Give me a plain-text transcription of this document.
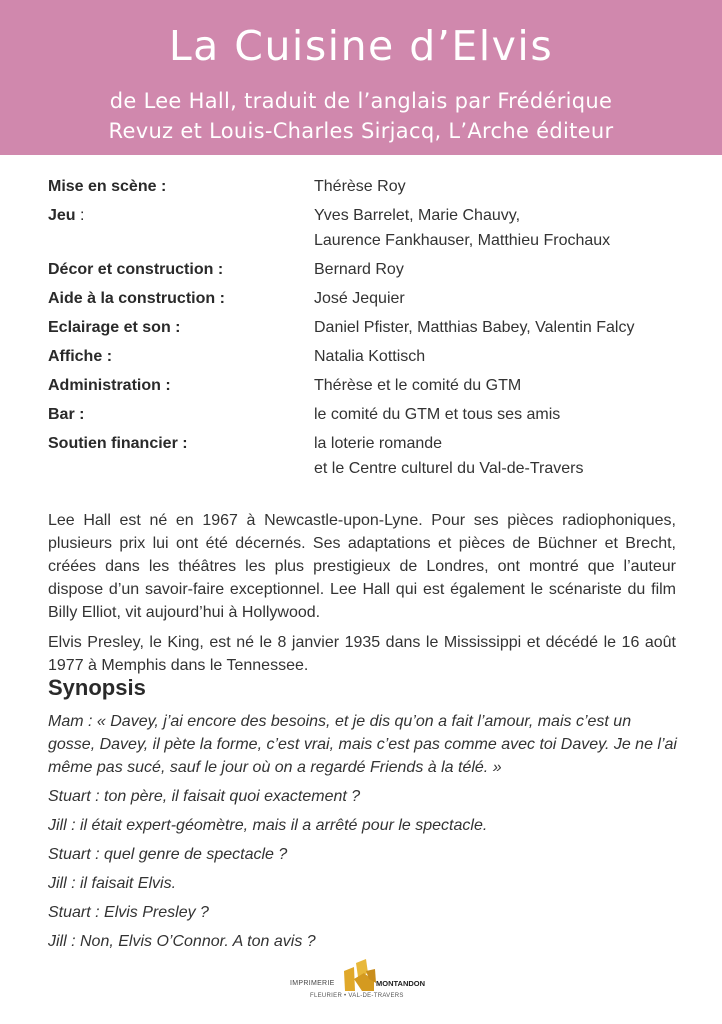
La Cuisine d’Elvis
de Lee Hall, traduit de l’anglais par Frédérique
Revuz et Louis-Charles Sirjacq, L’Arche éditeur
Mise en scène :	Thérèse Roy
Jeu :	Yves Barrelet, Marie Chauvy,
Laurence Fankhauser, Matthieu Frochaux
Décor et construction :	Bernard Roy
Aide à la construction :	José Jequier
Eclairage et son :	Daniel Pfister, Matthias Babey, Valentin Falcy
Affiche :	Natalia Kottisch
Administration :	Thérèse et le comité du GTM
Bar :	le comité du GTM et tous ses amis
Soutien financier :	la loterie romande
et le Centre culturel du Val-de-Travers

Lee Hall est né en 1967 à Newcastle-upon-Lyne. Pour ses pièces radiophoniques, plusieurs prix lui ont été décernés. Ses adaptations et pièces de Büchner et Brecht, créées dans les théâtres les plus prestigieux de Londres, ont montré que l’auteur dispose d’un savoir-faire exceptionnel. Lee Hall qui est également le scénariste du film Billy Elliot, vit aujourd’hui à Hollywood.

Elvis Presley, le King, est né le 8 janvier 1935 dans le Mississippi et décédé le 16 août 1977 à Memphis dans le Tennessee.

Synopsis

Mam : « Davey, j’ai encore des besoins, et je dis qu’on a fait l’amour, mais c’est un gosse, Davey, il pète la forme, c’est vrai, mais c’est pas comme avec toi Davey. Je ne l’ai même pas sucé, sauf le jour où on a regardé Friends à la télé. »

Stuart : ton père, il faisait quoi exactement ?

Jill : il était expert-géomètre, mais il a arrêté pour le spectacle.

Stuart : quel genre de spectacle ?

Jill : il faisait Elvis.

Stuart : Elvis Presley ?

Jill : Non, Elvis O’Connor. A ton avis ?

IMPRIMERIE	MONTANDON
FLEURIER • VAL-DE-TRAVERS
